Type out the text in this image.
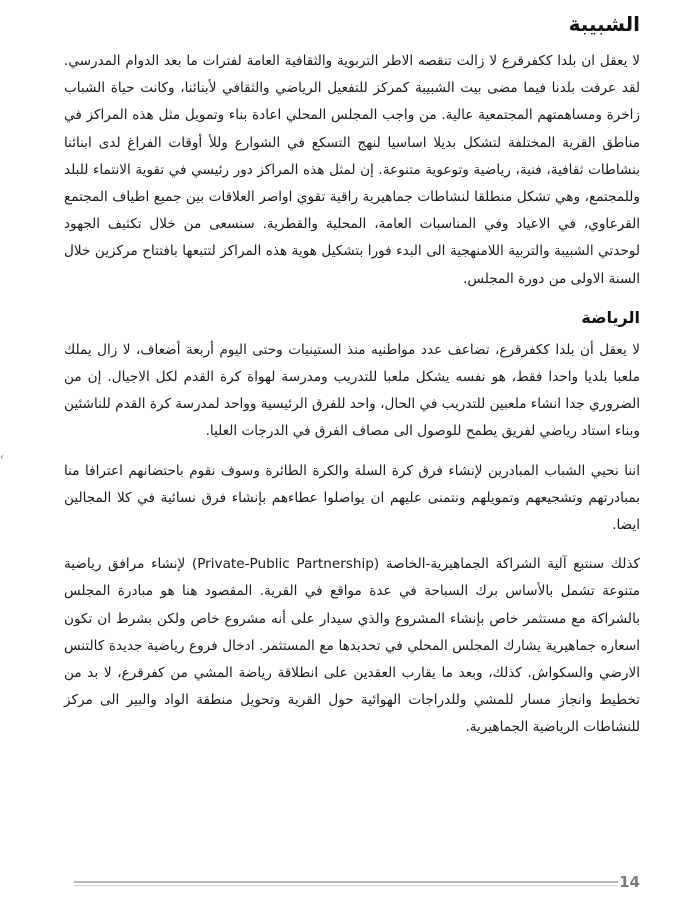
‹
الشبيبة

لا يعقل ان بلدا ككفرقرع لا زالت تنقصه الاطر التربوية والثقافية العامة لفترات ما بعد الدوام المدرسي. لقد عرفت بلدنا فيما مضى بيت الشبيبة كمركز للتفعيل الرياضي والثقافي لأبنائنا، وكانت حياة الشباب زاخرة ومساهمتهم المجتمعية عالية. من واجب المجلس المحلي اعادة بناء وتمويل مثل هذه المراكز في مناطق القرية المختلفة لتشكل بديلا اساسيا لنهج التسكع في الشوارع وللأ أوقات الفراغ لدى ابنائنا بنشاطات ثقافية، فنية، رياضية وتوعوية متنوعة. إن لمثل هذه المراكز دور رئيسي في تقوية الانتماء للبلد وللمجتمع، وهي تشكل منطلقا لنشاطات جماهيرية راقية تقوي اواصر العلاقات بين جميع اطياف المجتمع القرعاوي، في الاعياد وفي المناسبات العامة، المحلية والقطرية. سنسعى من خلال تكثيف الجهود لوحدتي الشبيبة والتربية اللامنهجية الى البدء فورا بتشكيل هوية هذه المراكز لتتبعها بافتتاح مركزين خلال السنة الاولى من دورة المجلس.

الرياضة

لا يعقل أن بلدا ككفرقرع، تضاعف عدد مواطنيه منذ الستينيات وحتى اليوم أربعة أضعاف، لا زال يملك ملعبا بلديا واحدا فقط، هو نفسه يشكل ملعبا للتدريب ومدرسة لهواة كرة القدم لكل الاجيال. إن من الضروري جدا انشاء ملعبين للتدريب في الحال، واحد للفرق الرئيسية وواحد لمدرسة كرة القدم للناشئين وبناء استاد رياضي لفريق يطمح للوصول الى مصاف الفرق في الدرجات العليا.

اننا نحيي الشباب المبادرين لإنشاء فرق كرة السلة والكرة الطائرة وسوف نقوم باحتضانهم اعترافا منا بمبادرتهم وتشجيعهم وتمويلهم ونتمنى عليهم ان يواصلوا عطاءهم بإنشاء فرق نسائية في كلا المجالين ايضا.

كذلك سنتبع آلية الشراكة الجماهيرية-الخاصة (Private-Public Partnership) لإنشاء مرافق رياضية متنوعة تشمل بالأساس برك السباحة في عدة مواقع في القرية. المقصود هنا هو مبادرة المجلس بالشراكة مع مستثمر خاص بإنشاء المشروع والذي سيدار على أنه مشروع خاص ولكن بشرط ان تكون اسعاره جماهيرية يشارك المجلس المحلي في تحديدها مع المستثمر. ادخال فروع رياضية جديدة كالتنس الارضي والسكواش. كذلك، وبعد ما يقارب العقدين على انطلاقة رياضة المشي من كفرقرع، لا بد من تخطيط وانجاز مسار للمشي وللدراجات الهوائية حول القرية وتحويل منطقة الواد والبير الى مركز للنشاطات الرياضية الجماهيرية.

14
